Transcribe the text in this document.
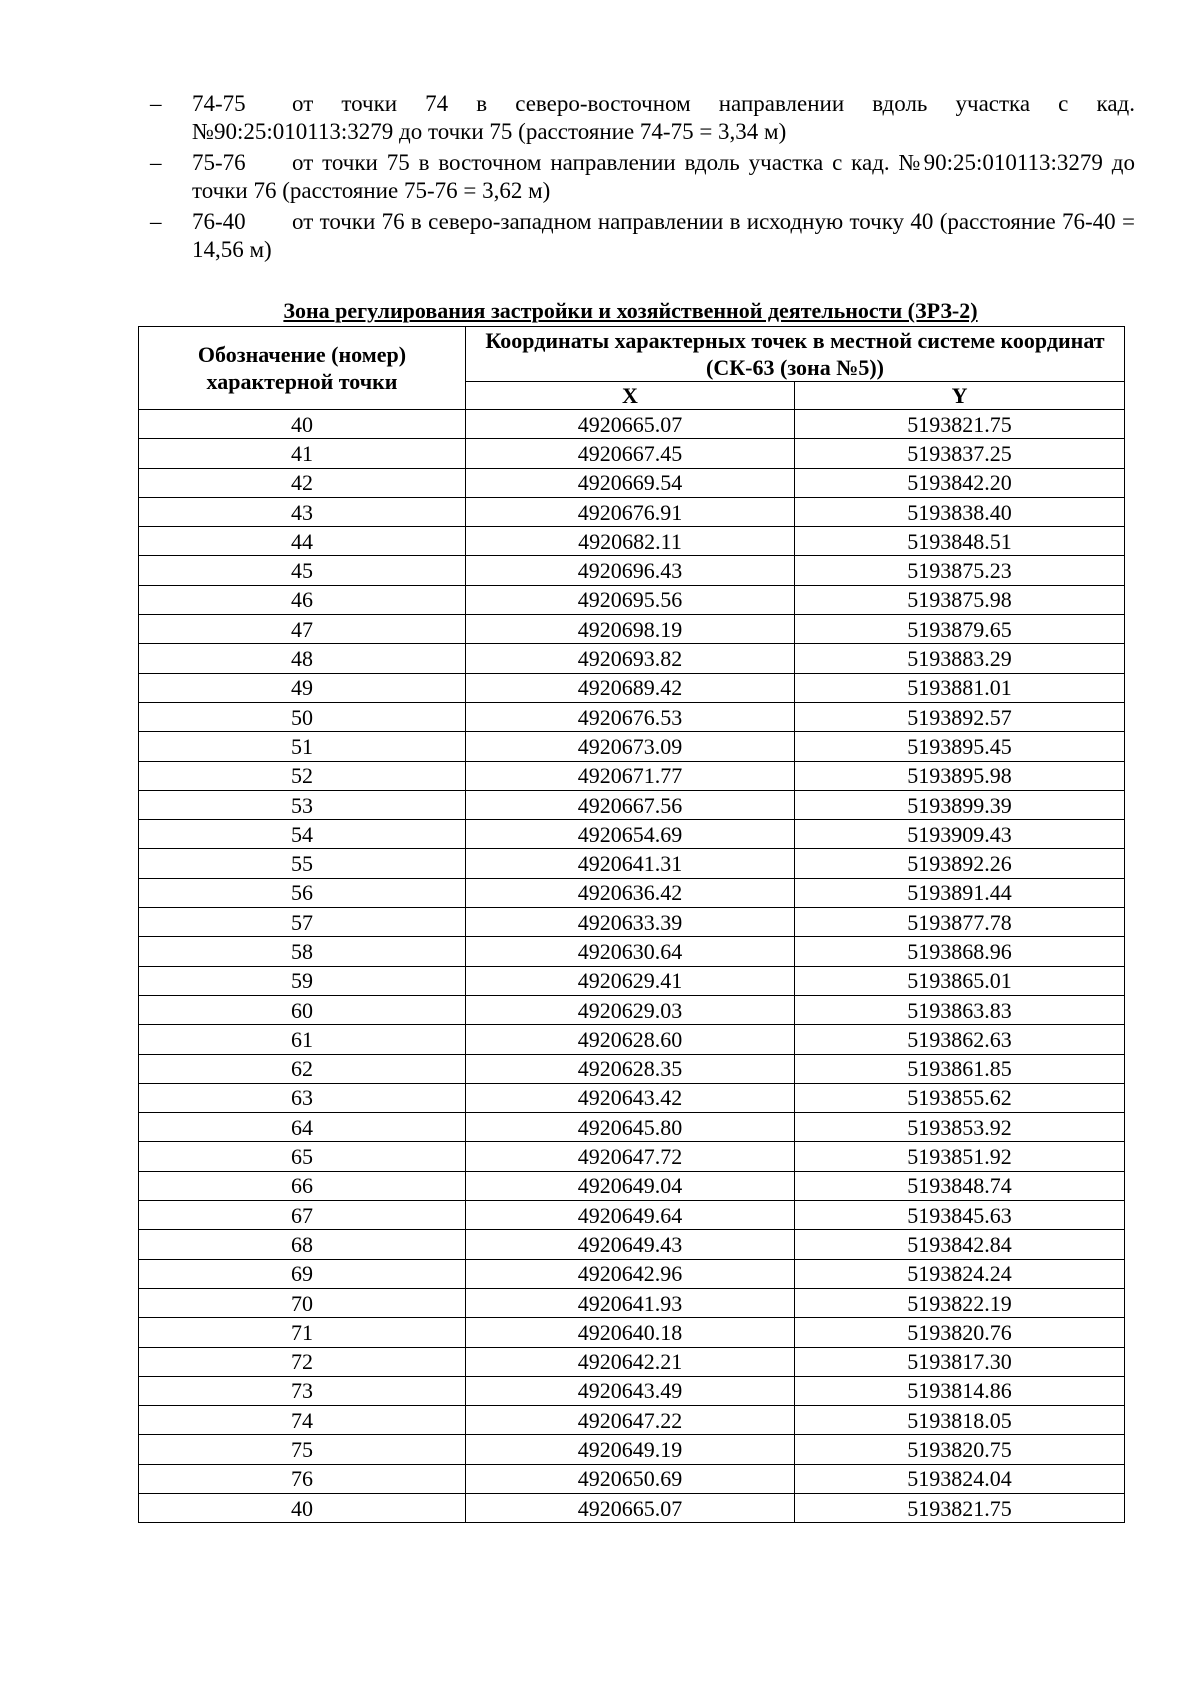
– 74-75 от точки 74 в северо-восточном направлении вдоль участка с кад. №90:25:010113:3279 до точки 75 (расстояние 74-75 = 3,34 м)
– 75-76 от точки 75 в восточном направлении вдоль участка с кад. №90:25:010113:3279 до точки 76 (расстояние 75-76 = 3,62 м)
– 76-40 от точки 76 в северо-западном направлении в исходную точку 40 (расстояние 76-40 = 14,56 м)
Зона регулирования застройки и хозяйственной деятельности (ЗРЗ-2)
Обозначение (номер) характерной точки	Координаты характерных точек в местной системе координат (СК-63 (зона №5))	
	X	Y
40	4920665.07	5193821.75
41	4920667.45	5193837.25
42	4920669.54	5193842.20
43	4920676.91	5193838.40
44	4920682.11	5193848.51
45	4920696.43	5193875.23
46	4920695.56	5193875.98
47	4920698.19	5193879.65
48	4920693.82	5193883.29
49	4920689.42	5193881.01
50	4920676.53	5193892.57
51	4920673.09	5193895.45
52	4920671.77	5193895.98
53	4920667.56	5193899.39
54	4920654.69	5193909.43
55	4920641.31	5193892.26
56	4920636.42	5193891.44
57	4920633.39	5193877.78
58	4920630.64	5193868.96
59	4920629.41	5193865.01
60	4920629.03	5193863.83
61	4920628.60	5193862.63
62	4920628.35	5193861.85
63	4920643.42	5193855.62
64	4920645.80	5193853.92
65	4920647.72	5193851.92
66	4920649.04	5193848.74
67	4920649.64	5193845.63
68	4920649.43	5193842.84
69	4920642.96	5193824.24
70	4920641.93	5193822.19
71	4920640.18	5193820.76
72	4920642.21	5193817.30
73	4920643.49	5193814.86
74	4920647.22	5193818.05
75	4920649.19	5193820.75
76	4920650.69	5193824.04
40	4920665.07	5193821.75
